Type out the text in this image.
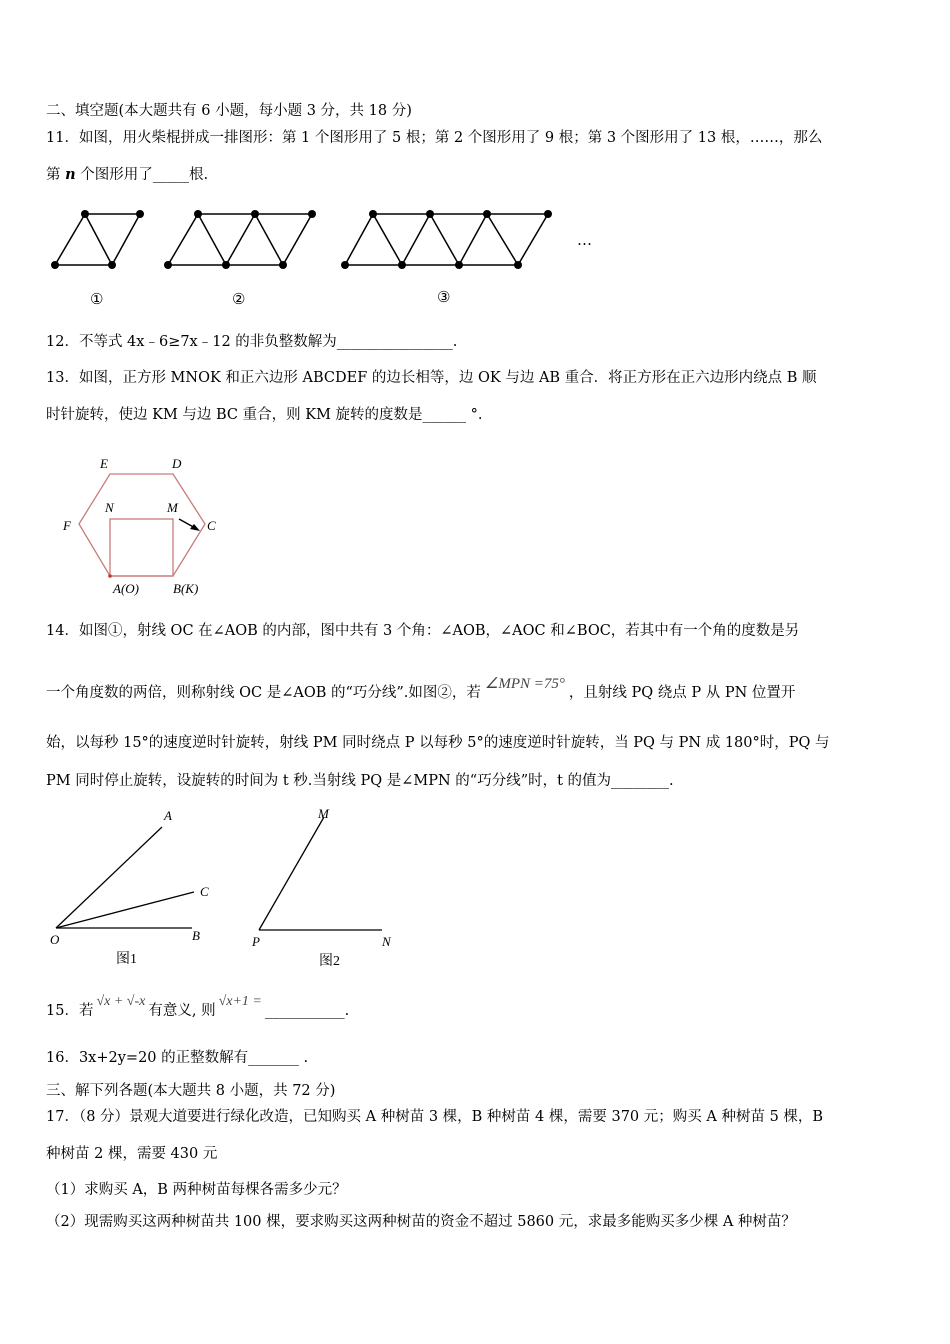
二、填空题(本大题共有 6 小题，每小题 3 分，共 18 分)
11．如图，用火柴棍拼成一排图形：第 1 个图形用了 5 根；第 2 个图形用了 9 根；第 3 个图形用了 13 根，……，那么
第 n 个图形用了_____根.
①	②	③
…
12．不等式 4x﹣6≥7x﹣12 的非负整数解为________________.
13．如图，正方形 MNOK 和正六边形 ABCDEF 的边长相等，边 OK 与边 AB 重合．将正方形在正六边形内绕点 B 顺
时针旋转，使边 KM 与边 BC 重合，则 KM 旋转的度数是______ °.
E	D
F	C
N	M
A(O)	B(K)
14．如图①，射线 OC 在∠AOB 的内部，图中共有 3 个角：∠AOB，∠AOC 和∠BOC，若其中有一个角的度数是另
一个角度数的两倍，则称射线 OC 是∠AOB 的“巧分线”.如图②，若∠MPN =75°，且射线 PQ 绕点 P 从 PN 位置开
始，以每秒 15°的速度逆时针旋转，射线 PM 同时绕点 P 以每秒 5°的速度逆时针旋转，当 PQ 与 PN 成 180°时，PQ 与
PM 同时停止旋转，设旋转的时间为 t 秒.当射线 PQ 是∠MPN 的“巧分线”时，t 的值为________.
A
C
O	B
图1
M
P	N
图2
15．若√x + √-x有意义, 则√x+1 =___________.
16．3x+2y=20 的正整数解有_______ .
三、解下列各题(本大题共 8 小题，共 72 分)
17．（8 分）景观大道要进行绿化改造，已知购买 A 种树苗 3 棵，B 种树苗 4 棵，需要 370 元；购买 A 种树苗 5 棵，B
种树苗 2 棵，需要 430 元
（1）求购买 A，B 两种树苗每棵各需多少元？
（2）现需购买这两种树苗共 100 棵，要求购买这两种树苗的资金不超过 5860 元，求最多能购买多少棵 A 种树苗？
